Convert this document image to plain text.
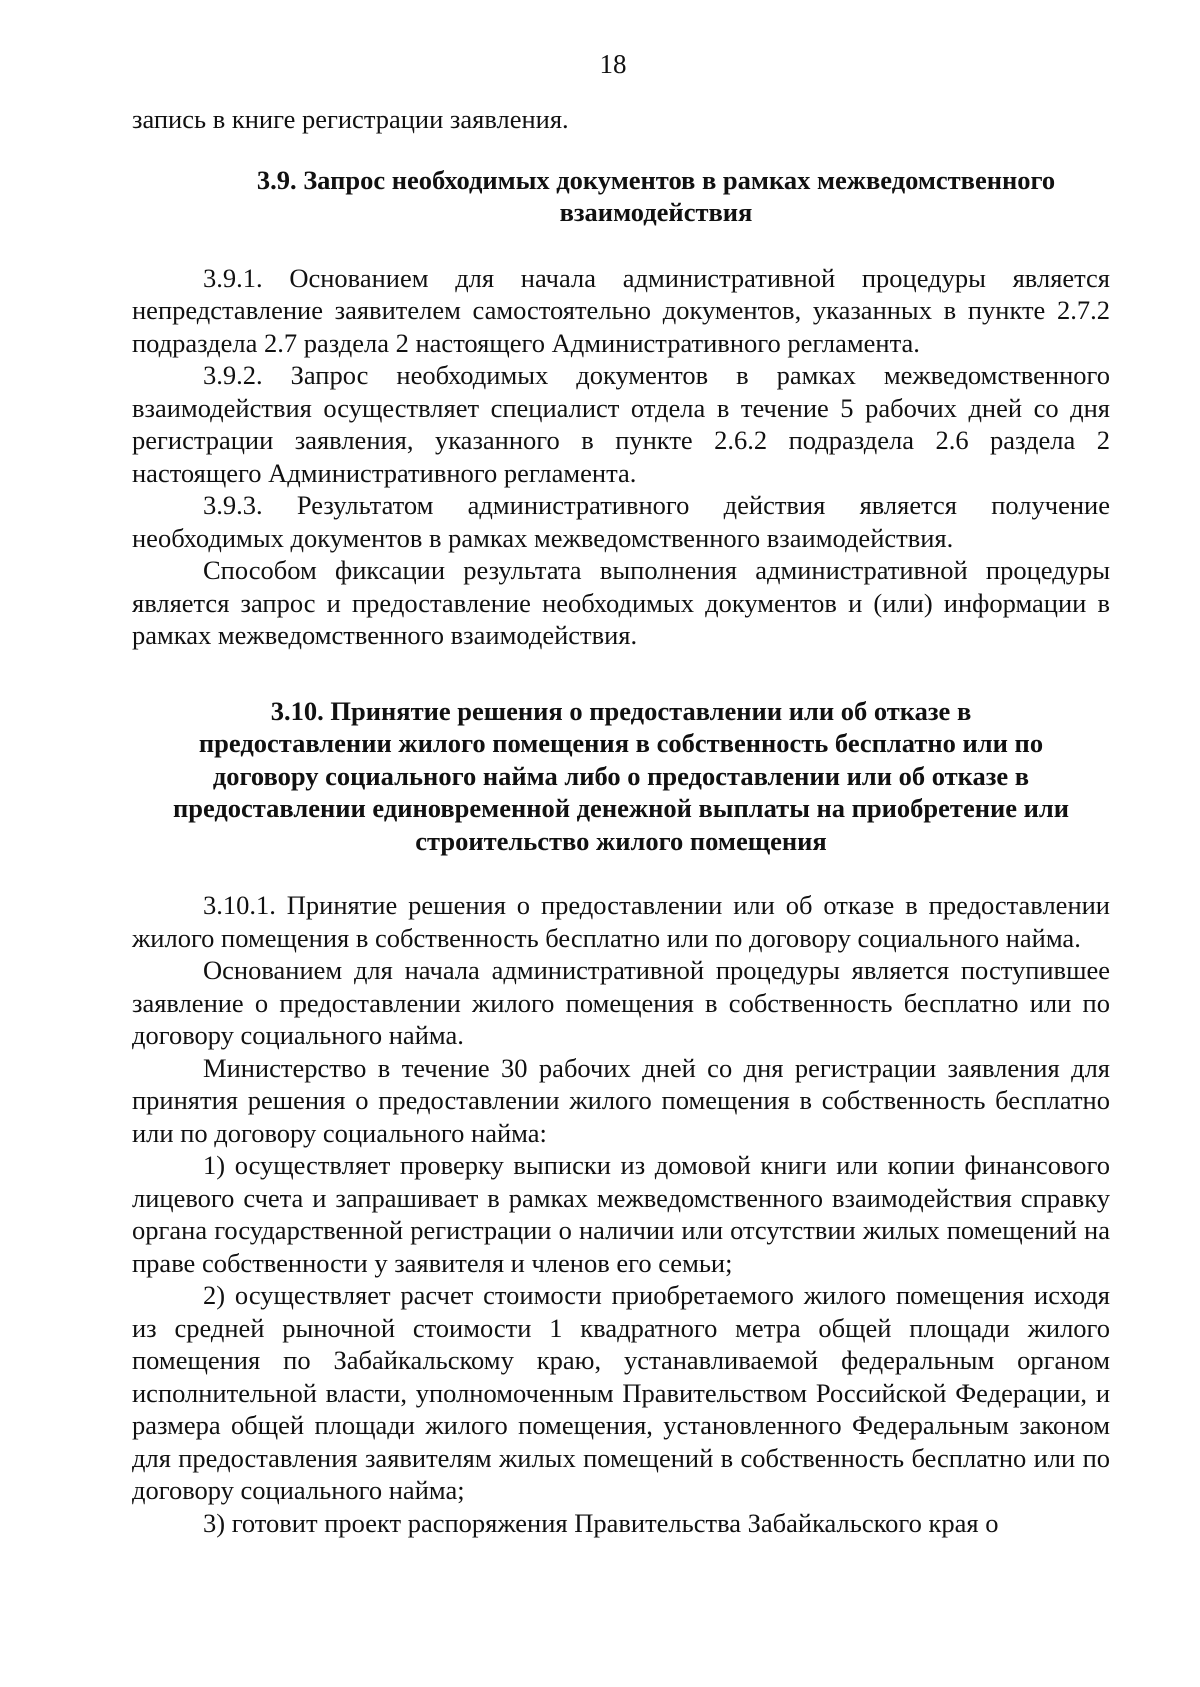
18

запись в книге регистрации заявления.

3.9. Запрос необходимых документов в рамках межведомственного
взаимодействия

3.9.1. Основанием для начала административной процедуры является непредставление заявителем самостоятельно документов, указанных в пункте 2.7.2 подраздела 2.7 раздела 2 настоящего Административного регламента.

3.9.2. Запрос необходимых документов в рамках межведомственного взаимодействия осуществляет специалист отдела в течение 5 рабочих дней со дня регистрации заявления, указанного в пункте 2.6.2 подраздела 2.6 раздела 2 настоящего Административного регламента.

3.9.3. Результатом административного действия является получение необходимых документов в рамках межведомственного взаимодействия.

Способом фиксации результата выполнения административной процедуры является запрос и предоставление необходимых документов и (или) информации в рамках межведомственного взаимодействия.

3.10. Принятие решения о предоставлении или об отказе в
предоставлении жилого помещения в собственность бесплатно или по
договору социального найма либо о предоставлении или об отказе в
предоставлении единовременной денежной выплаты на приобретение или
строительство жилого помещения

3.10.1. Принятие решения о предоставлении или об отказе в предоставлении жилого помещения в собственность бесплатно или по договору социального найма.

Основанием для начала административной процедуры является поступившее заявление о предоставлении жилого помещения в собственность бесплатно или по договору социального найма.

Министерство в течение 30 рабочих дней со дня регистрации заявления для принятия решения о предоставлении жилого помещения в собственность бесплатно или по договору социального найма:

1) осуществляет проверку выписки из домовой книги или копии финансового лицевого счета и запрашивает в рамках межведомственного взаимодействия справку органа государственной регистрации о наличии или отсутствии жилых помещений на праве собственности у заявителя и членов его семьи;

2) осуществляет расчет стоимости приобретаемого жилого помещения исходя из средней рыночной стоимости 1 квадратного метра общей площади жилого помещения по Забайкальскому краю, устанавливаемой федеральным органом исполнительной власти, уполномоченным Правительством Российской Федерации, и размера общей площади жилого помещения, установленного Федеральным законом для предоставления заявителям жилых помещений в собственность бесплатно или по договору социального найма;

3) готовит проект распоряжения Правительства Забайкальского края о
